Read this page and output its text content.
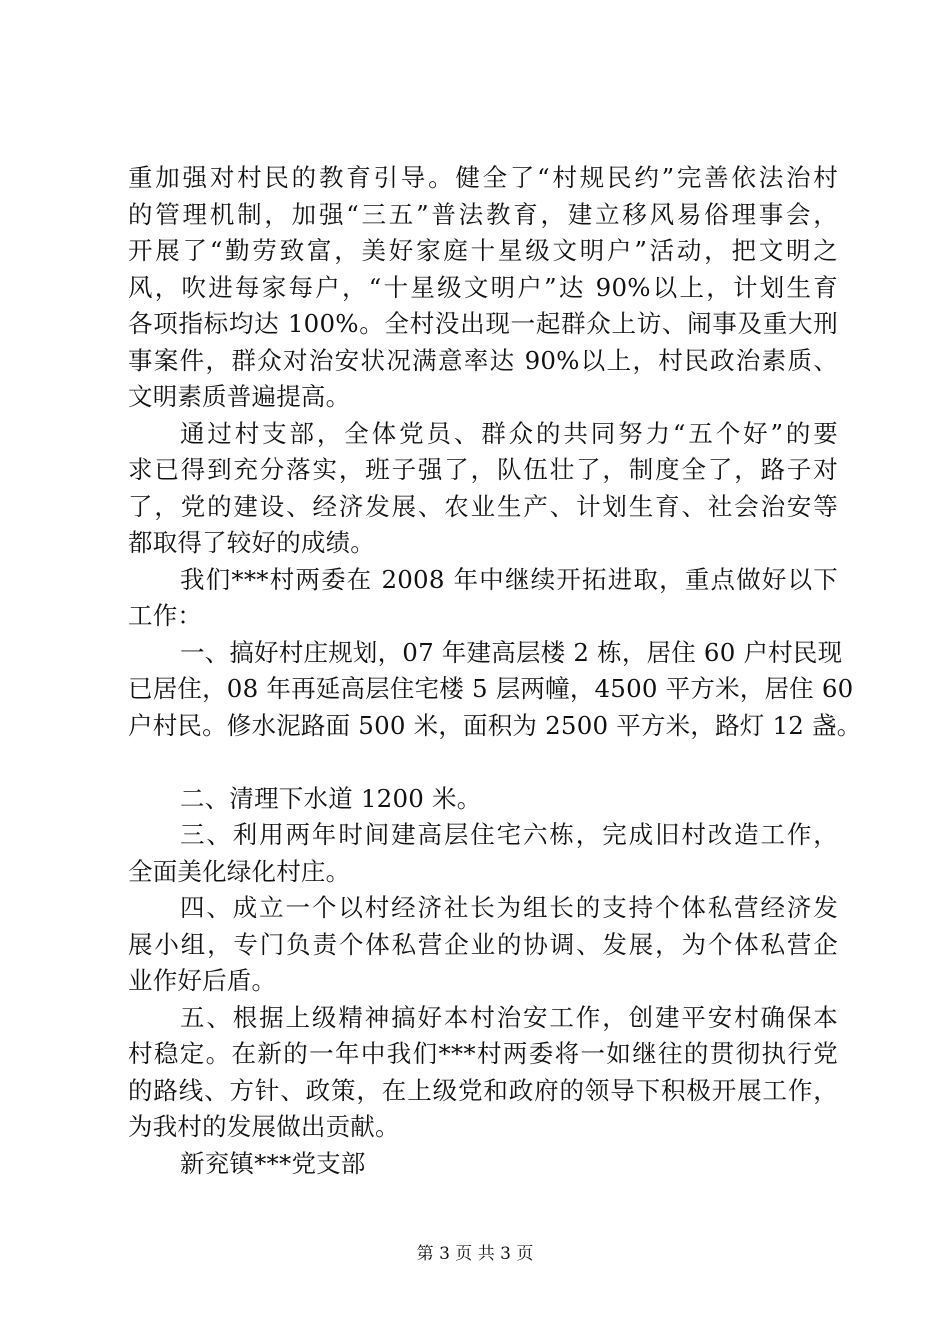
重加强对村民的教育引导。健全了“村规民约”完善依法治村
的管理机制，加强“三五”普法教育，建立移风易俗理事会，
开展了“勤劳致富，美好家庭十星级文明户”活动，把文明之
风，吹进每家每户，“十星级文明户”达 90%以上，计划生育
各项指标均达 100%。全村没出现一起群众上访、闹事及重大刑
事案件，群众对治安状况满意率达 90%以上，村民政治素质、
文明素质普遍提高。
通过村支部，全体党员、群众的共同努力“五个好”的要
求已得到充分落实，班子强了，队伍壮了，制度全了，路子对
了，党的建设、经济发展、农业生产、计划生育、社会治安等
都取得了较好的成绩。
我们***村两委在 2008 年中继续开拓进取，重点做好以下
工作：
一、搞好村庄规划，07 年建高层楼 2 栋，居住 60 户村民现
已居住，08 年再延高层住宅楼 5 层两幢，4500 平方米，居住 60
户村民。修水泥路面 500 米，面积为 2500 平方米，路灯 12 盏。
二、清理下水道 1200 米。
三、利用两年时间建高层住宅六栋，完成旧村改造工作，
全面美化绿化村庄。
四、成立一个以村经济社长为组长的支持个体私营经济发
展小组，专门负责个体私营企业的协调、发展，为个体私营企
业作好后盾。
五、根据上级精神搞好本村治安工作，创建平安村确保本
村稳定。在新的一年中我们***村两委将一如继往的贯彻执行党
的路线、方针、政策，在上级党和政府的领导下积极开展工作，
为我村的发展做出贡献。
新兖镇***党支部
第 3 页 共 3 页
